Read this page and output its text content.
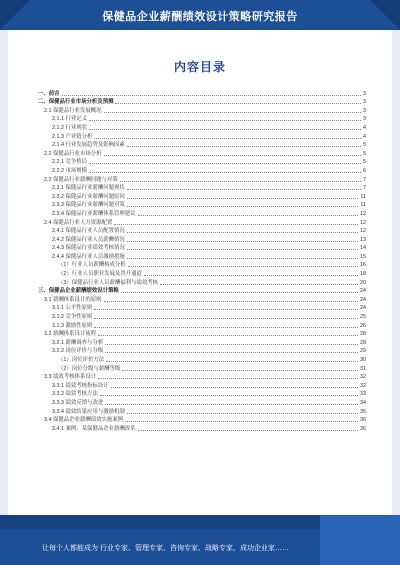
保健品企业薪酬绩效设计策略研究报告
内容目录
一、前言	3
二、保健品行业市场分析及预测	3
2.1 保健品行业发展概况	3
2.1.1 行业定义	3
2.1.2 行业现状	4
2.1.3 产业链分析	4
2.1.4 行业发展趋势及影响因素	5
2.2 保健品行业市场分析	5
2.2.1 竞争格局	5
2.2.2 市场规模	6
2.3 保健品行业薪酬问题与对策	7
2.3.1 保健品行业薪酬问题现状	7
2.3.2 保健品行业薪酬问题原因	11
2.3.3 保健品行业薪酬问题对策	11
2.3.4 保健品行业薪酬体系管理建议	12
2.4 保健品行业人力资源配置	12
2.4.1 保健品行业人员配置情况	12
2.4.2 保健品行业人员薪酬情况	13
2.4.3 保健品行业绩效考核情况	14
2.4.4 保健品行业人员激励措施	15
（1）行业人员薪酬构成分析	16
（2）行业人员职业发展及晋升通道	18
（3）保健品行业人员薪酬福利与绩效考核	20
三、保健品企业薪酬绩效设计策略	24
3.1 薪酬体系设计的原则	24
3.1.1 公平性原则	24
3.1.2 竞争性原则	25
3.1.3 激励性原则	26
3.2 薪酬体系设计流程	28
3.2.1 薪酬调查与分析	28
3.2.2 岗位评价与分级	29
（1）岗位评价方法	30
（2）岗位分级与薪酬等级	31
3.3 绩效考核体系设计	32
3.3.1 绩效考核指标设计	32
3.3.2 绩效考核方法	33
3.3.3 绩效反馈与改进	34
3.3.4 绩效结果应用与激励机制	35
3.4 保健品企业薪酬绩效实施案例	36
3.4.1 案例：某保健品企业薪酬改革	36
让每个人都能成为 行业专家、管理专家、咨询专家、战略专家、成功企业家……
